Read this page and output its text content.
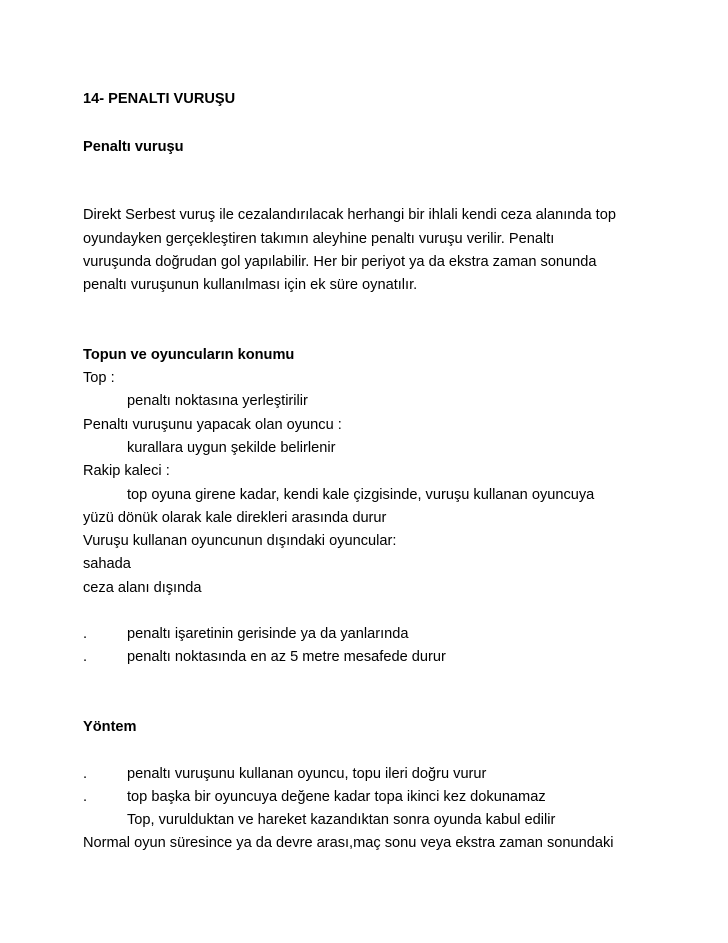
14- PENALTI VURUŞU

Penaltı vuruşu

Direkt Serbest vuruş ile cezalandırılacak herhangi bir ihlali kendi ceza alanında top

oyundayken gerçekleştiren takımın aleyhine penaltı vuruşu verilir. Penaltı

vuruşunda doğrudan gol yapılabilir. Her bir periyot ya da ekstra zaman sonunda

penaltı vuruşunun kullanılması için ek süre oynatılır.

Topun ve oyuncuların konumu

Top :

penaltı noktasına yerleştirilir

Penaltı vuruşunu yapacak olan oyuncu :

kurallara uygun şekilde belirlenir

Rakip kaleci :

top oyuna girene kadar, kendi kale çizgisinde, vuruşu kullanan oyuncuya

yüzü dönük olarak kale direkleri arasında durur

Vuruşu kullanan oyuncunun dışındaki oyuncular:

sahada

ceza alanı dışında

.	penaltı işaretinin gerisinde ya da yanlarında

.	penaltı noktasında en az 5 metre mesafede durur

Yöntem

.	penaltı vuruşunu kullanan oyuncu, topu ileri doğru vurur

.	top başka bir oyuncuya değene kadar topa ikinci kez dokunamaz

Top, vurulduktan ve hareket kazandıktan sonra oyunda kabul edilir

Normal oyun süresince ya da devre arası,maç sonu veya ekstra zaman sonundaki
